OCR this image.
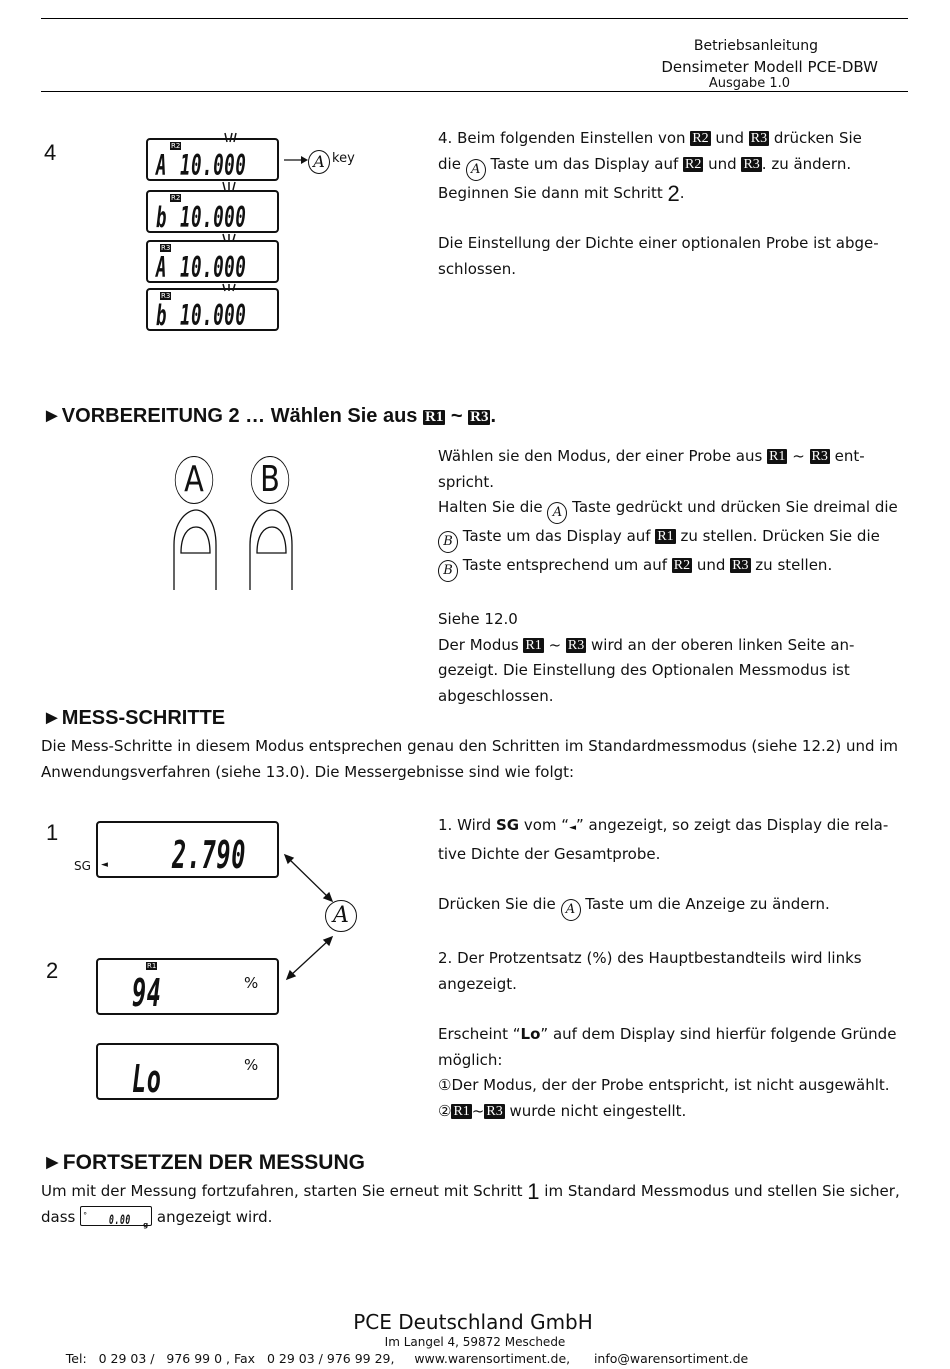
Betriebsanleitung
Densimeter Modell PCE-DBW
Ausgabe 1.0
4	R2
A 10.000
R2
b 10.000
R3
A 10.000
R3
b 10.000
A key
4. Beim folgenden Einstellen von R2 und R3 drücken Sie
die A Taste um das Display auf R2 und R3 . zu ändern.
Beginnen Sie dann mit Schritt 2.
Die Einstellung der Dichte einer optionalen Probe ist abge-
schlossen.
►VORBEREITUNG 2 … Wählen Sie aus R1 ~ R3 .
A B
Wählen sie den Modus, der einer Probe aus R1 ~ R3 ent-
spricht.
Halten Sie die A Taste gedrückt und drücken Sie dreimal die
B Taste um das Display auf R1 zu stellen. Drücken Sie die
B Taste entsprechend um auf R2 und R3 zu stellen.
Siehe 12.0
Der Modus R1 ~ R3 wird an der oberen linken Seite an-
gezeigt. Die Einstellung des Optionalen Messmodus ist
abgeschlossen.
►MESS-SCHRITTE
Die Mess-Schritte in diesem Modus entsprechen genau den Schritten im Standardmessmodus (siehe 12.2) und im
Anwendungsverfahren (siehe 13.0). Die Messergebnisse sind wie folgt:
1
2
SG ◄ 2.790
R1
94	%
Lo	%
A
1. Wird SG vom “◄” angezeigt, so zeigt das Display die rela-
tive Dichte der Gesamtprobe.
Drücken Sie die A Taste um die Anzeige zu ändern.
2. Der Protzentsatz (%) des Hauptbestandteils wird links
angezeigt.
Erscheint “Lo” auf dem Display sind hierfür folgende Gründe
möglich:
①Der Modus, der der Probe entspricht, ist nicht ausgewählt.
② R1 ~ R3 wurde nicht eingestellt.
►FORTSETZEN DER MESSUNG
Um mit der Messung fortzufahren, starten Sie erneut mit Schritt 1 im Standard Messmodus und stellen Sie sicher,
dass ° 0.00 g angezeigt wird.
PCE Deutschland GmbH
Im Langel 4, 59872 Meschede
Tel:   0 29 03 /   976 99 0 , Fax   0 29 03 / 976 99 29,     www.warensortiment.de,      info@warensortiment.de
